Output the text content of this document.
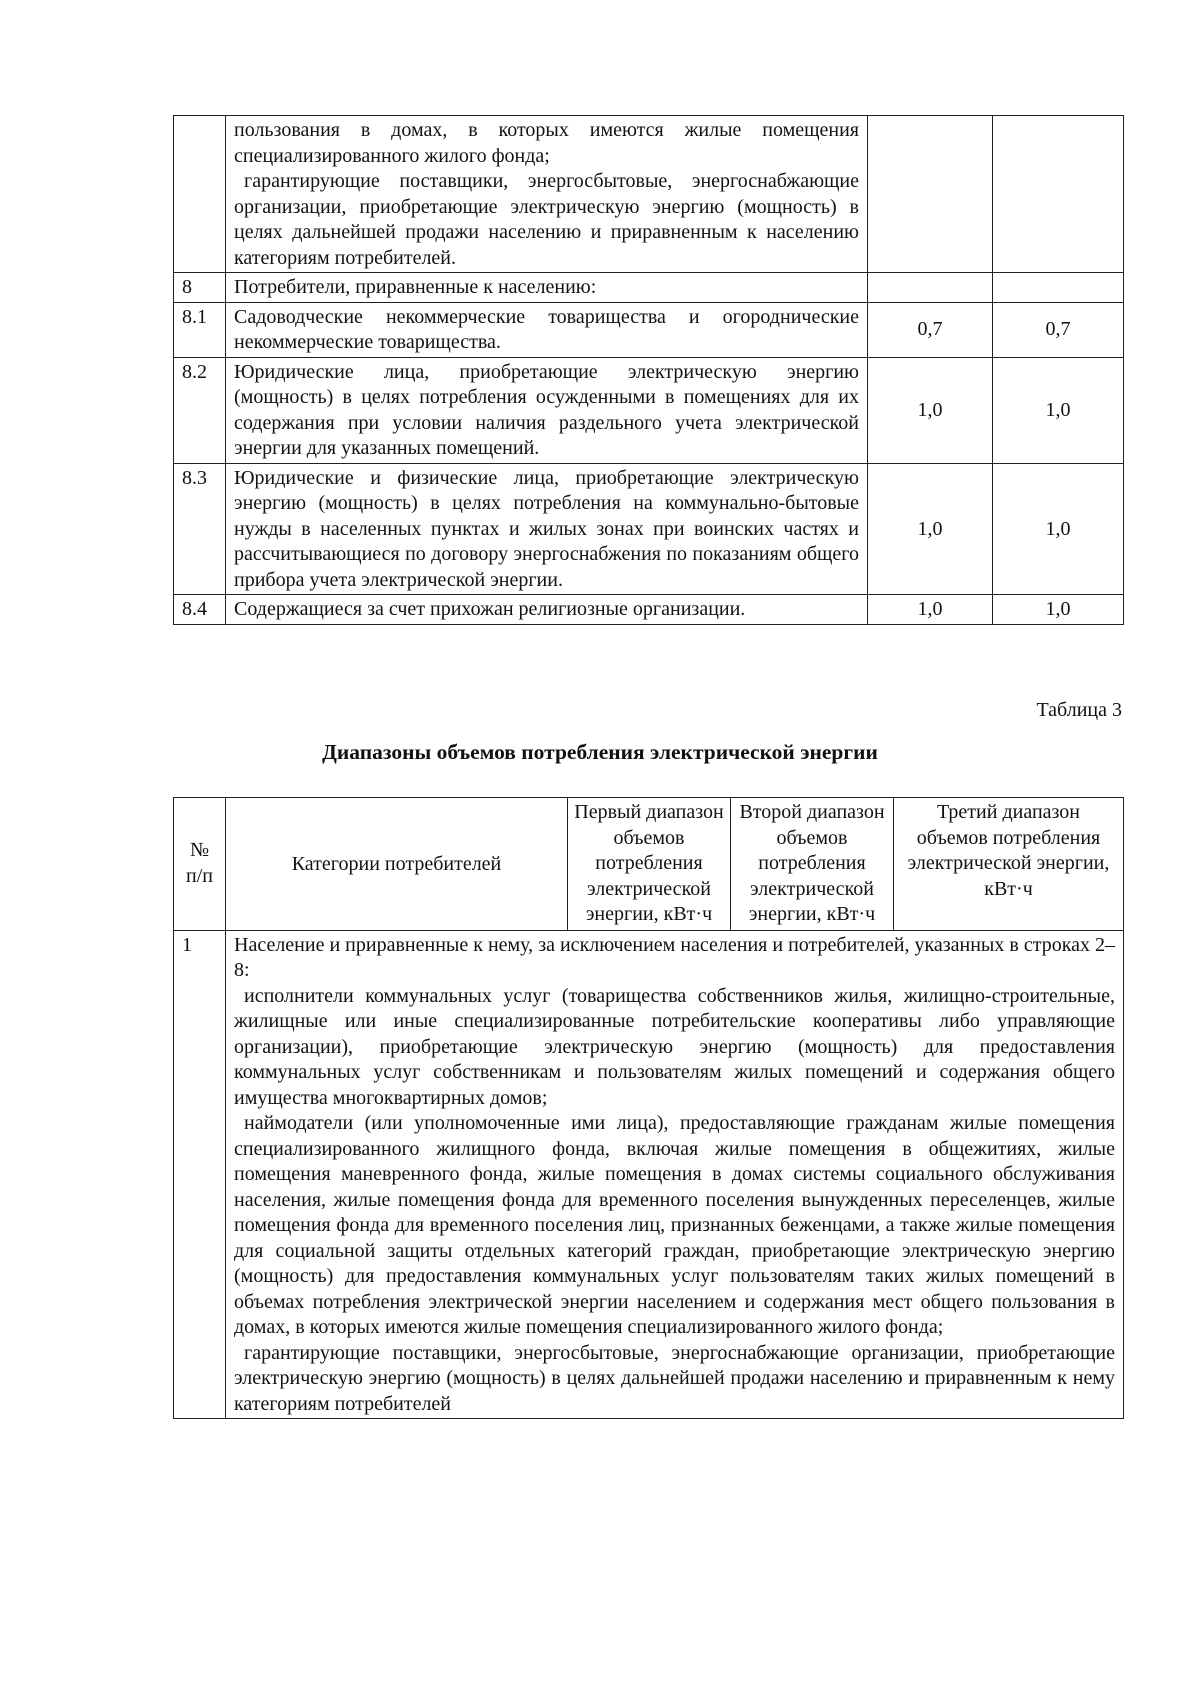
	пользования в домах, в которых имеются жилые помещения специализированного жилого фонда;

гарантирующие поставщики, энергосбытовые, энергоснабжающие организации, приобретающие электрическую энергию (мощность) в целях дальнейшей продажи населению и приравненным к населению категориям потребителей.		

8	Потребители, приравненные к населению:		
8.1	Садоводческие некоммерческие товарищества и огороднические некоммерческие товарищества.	0,7	0,7
8.2	Юридические лица, приобретающие электрическую энергию (мощность) в целях потребления осужденными в помещениях для их содержания при условии наличия раздельного учета электрической энергии для указанных помещений.	1,0	1,0
8.3	Юридические и физические лица, приобретающие электрическую энергию (мощность) в целях потребления на коммунально-бытовые нужды в населенных пунктах и жилых зонах при воинских частях и рассчитывающиеся по договору энергоснабжения по показаниям общего прибора учета электрической энергии.	1,0	1,0
8.4	Содержащиеся за счет прихожан религиозные организации.	1,0	1,0

Таблица 3

Диапазоны объемов потребления электрической энергии

№ п/п	Категории потребителей	Первый диапазон объемов потребления электрической энергии, кВт·ч	Второй диапазон объемов потребления электрической энергии, кВт·ч	Третий диапазон объемов потребления электрической энергии, кВт·ч
1	Население и приравненные к нему, за исключением населения и потребителей, указанных в строках 2–8:

исполнители коммунальных услуг (товарищества собственников жилья, жилищно-строительные, жилищные или иные специализированные потребительские кооперативы либо управляющие организации), приобретающие электрическую энергию (мощность) для предоставления коммунальных услуг собственникам и пользователям жилых помещений и содержания общего имущества многоквартирных домов;

наймодатели (или уполномоченные ими лица), предоставляющие гражданам жилые помещения специализированного жилищного фонда, включая жилые помещения в общежитиях, жилые помещения маневренного фонда, жилые помещения в домах системы социального обслуживания населения, жилые помещения фонда для временного поселения вынужденных переселенцев, жилые помещения фонда для временного поселения лиц, признанных беженцами, а также жилые помещения для социальной защиты отдельных категорий граждан, приобретающие электрическую энергию (мощность) для предоставления коммунальных услуг пользователям таких жилых помещений в объемах потребления электрической энергии населением и содержания мест общего пользования в домах, в которых имеются жилые помещения специализированного жилого фонда;

гарантирующие поставщики, энергосбытовые, энергоснабжающие организации, приобретающие электрическую энергию (мощность) в целях дальнейшей продажи населению и приравненным к нему категориям потребителей			
